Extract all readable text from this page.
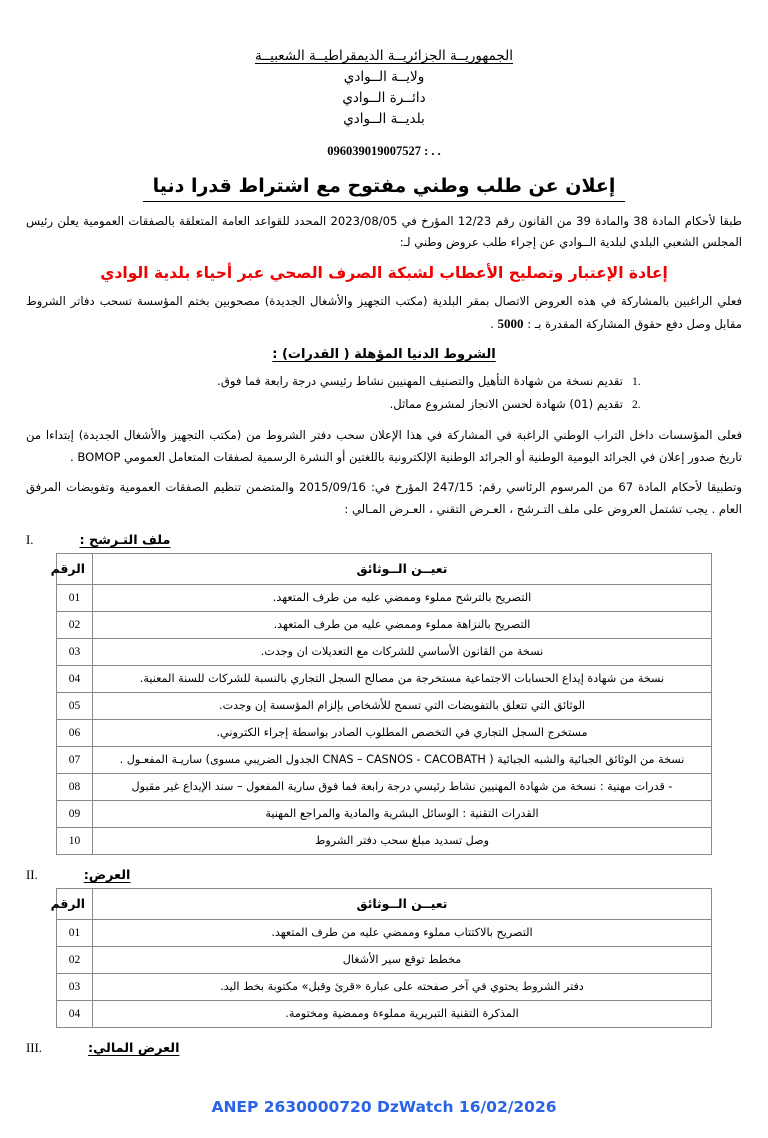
الجمهوريــة الجزائريــة الديمقراطيــة الشعبيــة
ولايــة الــوادي
دائــرة الــوادي
بلديــة الــوادي
096039019007527 : . .
إعلان عن طلب وطني مفتوح مع اشتراط قدرا دنيا
طبقا لأحكام المادة 38 والمادة 39 من القانون رقم 12/23 المؤرخ في 2023/08/05 المحدد للقواعد العامة المتعلقة بالصفقات العمومية يعلن رئيس المجلس الشعبي البلدي لبلدية الــوادي عن إجراء طلب عروض وطني لـ:
إعادة الإعتبار وتصليح الأعطاب لشبكة الصرف الصحي عبر أحياء بلدية الوادي
فعلي الراغبين بالمشاركة في هذه العروض الاتصال بمقر البلدية (مكتب التجهيز والأشغال الجديدة) مصحوبين بختم المؤسسة تسحب دفاتر الشروط مقابل وصل دفع حقوق المشاركة المقدرة بـ : 5000 .
الشروط الدنيا المؤهلة ( القدرات) :
1.
تقديم نسخة من شهادة التأهيل والتصنيف المهنيين نشاط رئيسي درجة رابعة فما فوق.
2.
تقديم (01) شهادة لحسن الانجاز لمشروع مماثل.
فعلى المؤسسات داخل التراب الوطني الراغبة في المشاركة في هذا الإعلان سحب دفتر الشروط من (مكتب التجهيز والأشغال الجديدة) إبتداءا من تاريخ صدور إعلان في الجرائد اليومية الوطنية أو الجرائد الوطنية الإلكترونية باللغتين أو النشرة الرسمية لصفقات المتعامل العمومي BOMOP .
وتطبيقا لأحكام المادة 67 من المرسوم الرئاسي رقم: 247/15 المؤرخ في: 2015/09/16 والمتضمن تنظيم الصفقات العمومية وتفويضات المرفق العام . يجب تشتمل العروض على ملف التـرشح ، العـرض التقني ، العـرض المـالي :
I.	ملف التـرشح :
تعيــن الــوثائق	الرقم
التصريح بالترشح مملوء وممضي عليه من طرف المتعهد.	01
التصريح بالنزاهة مملوء وممضي عليه من طرف المتعهد.	02
نسخة من القانون الأساسي للشركات مع التعديلات ان وجدت.	03
نسخة من شهادة إيداع الحسابات الاجتماعية مستخرجة من مصالح السجل التجاري بالنسبة للشركات للسنة المعنية.	04
الوثائق التي تتعلق بالتفويضات التي تسمح للأشخاص بإلزام المؤسسة إن وجدت.	05
مستخرج السجل التجاري في التخصص المطلوب الصادر بواسطة إجراء الكتروني.	06
نسخة من الوثائق الجبائية والشبه الجبائية ( CNAS – CASNOS - CACOBATH الجدول الضريبي مسوى) ساريـة المفعـول .	07
- قدرات مهنية : نسخة من شهادة المهنيين نشاط رئيسي درجة رابعة فما فوق سارية المفعول – سند الإيداع غير مقبول	08
القدرات التقنية : الوسائل البشرية والمادية والمراجع المهنية	09
وصل تسديد مبلغ سحب دفتر الشروط	10
II.	العرض:
تعيــن الــوثائق	الرقم
التصريح بالاكتتاب مملوء وممضي عليه من طرف المتعهد.	01
مخطط توقع سير الأشغال	02
دفتر الشروط يحتوي في آخر صفحته على عبارة «قرئ وقبل» مكتوبة بخط اليد.	03
المذكرة التقنية التبريرية مملوءة وممضية ومختومة.	04
III.	العرض المالي:
ANEP 2630000720 DzWatch 16/02/2026
